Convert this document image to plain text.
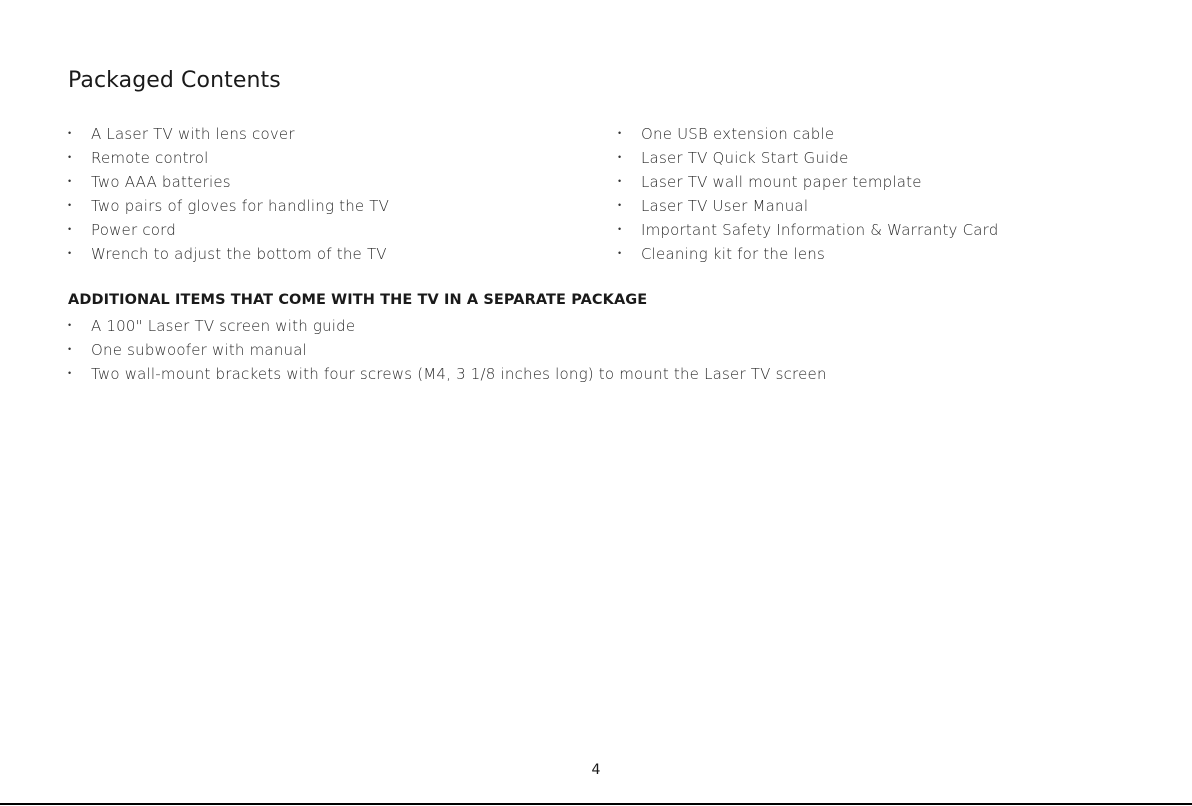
Packaged Contents
• A Laser TV with lens cover
• Remote control
• Two AAA batteries
• Two pairs of gloves for handling the TV
• Power cord
• Wrench to adjust the bottom of the TV
• One USB extension cable
• Laser TV Quick Start Guide
• Laser TV wall mount paper template
• Laser TV User Manual
• Important Safety Information & Warranty Card
• Cleaning kit for the lens
ADDITIONAL ITEMS THAT COME WITH THE TV IN A SEPARATE PACKAGE
• A 100" Laser TV screen with guide
• One subwoofer with manual
• Two wall-mount brackets with four screws (M4, 3 1/8 inches long) to mount the Laser TV screen
4
